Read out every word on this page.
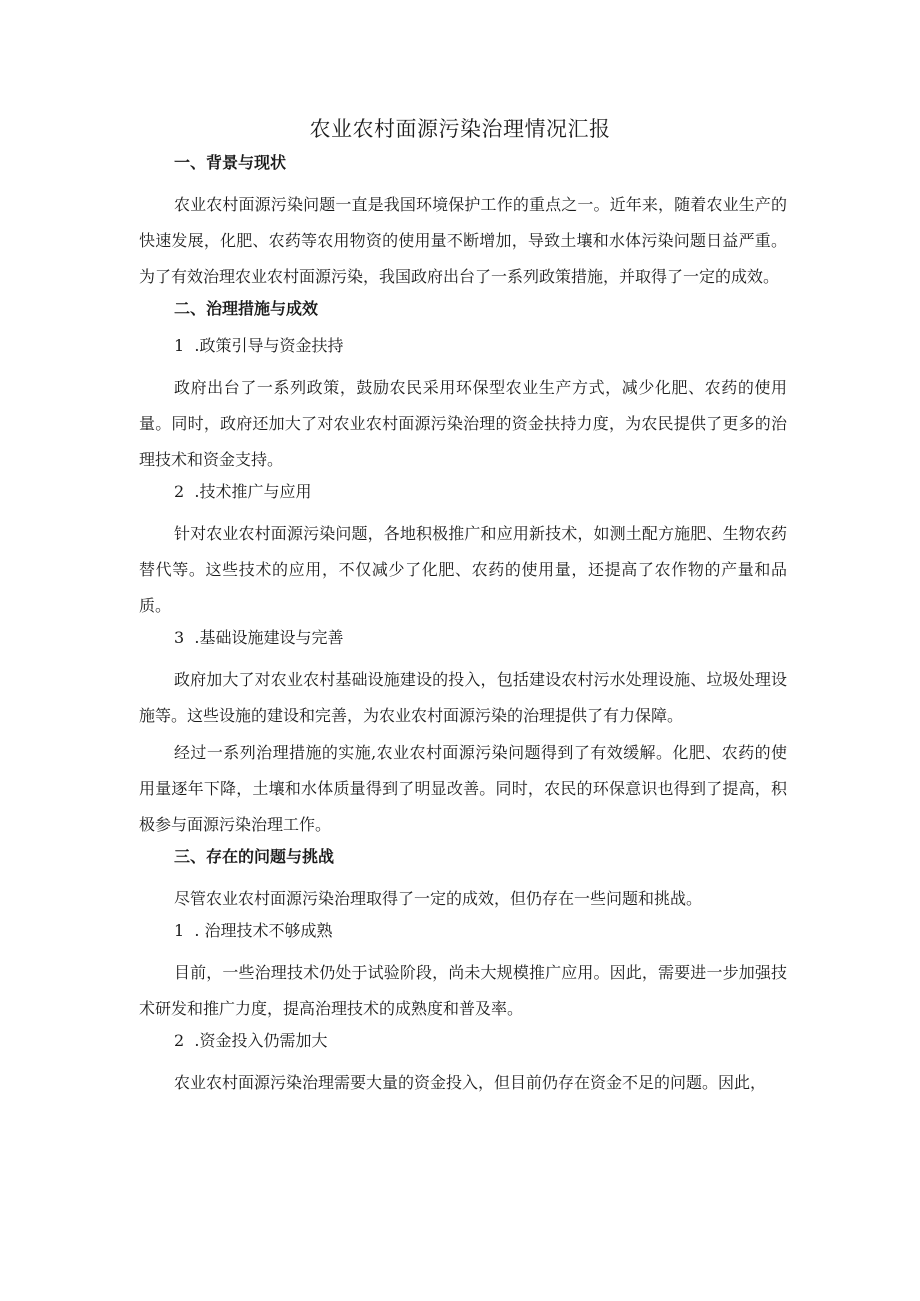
农业农村面源污染治理情况汇报
一、背景与现状

农业农村面源污染问题一直是我国环境保护工作的重点之一。近年来，随着农业生产的快速发展，化肥、农药等农用物资的使用量不断增加，导致土壤和水体污染问题日益严重。为了有效治理农业农村面源污染，我国政府出台了一系列政策措施，并取得了一定的成效。

二、治理措施与成效
1  .政策引导与资金扶持

政府出台了一系列政策，鼓励农民采用环保型农业生产方式，减少化肥、农药的使用量。同时，政府还加大了对农业农村面源污染治理的资金扶持力度，为农民提供了更多的治理技术和资金支持。

2  .技术推广与应用

针对农业农村面源污染问题，各地积极推广和应用新技术，如测土配方施肥、生物农药替代等。这些技术的应用，不仅减少了化肥、农药的使用量，还提高了农作物的产量和品质。

3  .基础设施建设与完善

政府加大了对农业农村基础设施建设的投入，包括建设农村污水处理设施、垃圾处理设施等。这些设施的建设和完善，为农业农村面源污染的治理提供了有力保障。

经过一系列治理措施的实施,农业农村面源污染问题得到了有效缓解。化肥、农药的使用量逐年下降，土壤和水体质量得到了明显改善。同时，农民的环保意识也得到了提高，积极参与面源污染治理工作。

三、存在的问题与挑战

尽管农业农村面源污染治理取得了一定的成效，但仍存在一些问题和挑战。

1  . 治理技术不够成熟

目前，一些治理技术仍处于试验阶段，尚未大规模推广应用。因此，需要进一步加强技术研发和推广力度，提高治理技术的成熟度和普及率。

2  .资金投入仍需加大

农业农村面源污染治理需要大量的资金投入，但目前仍存在资金不足的问题。因此，
